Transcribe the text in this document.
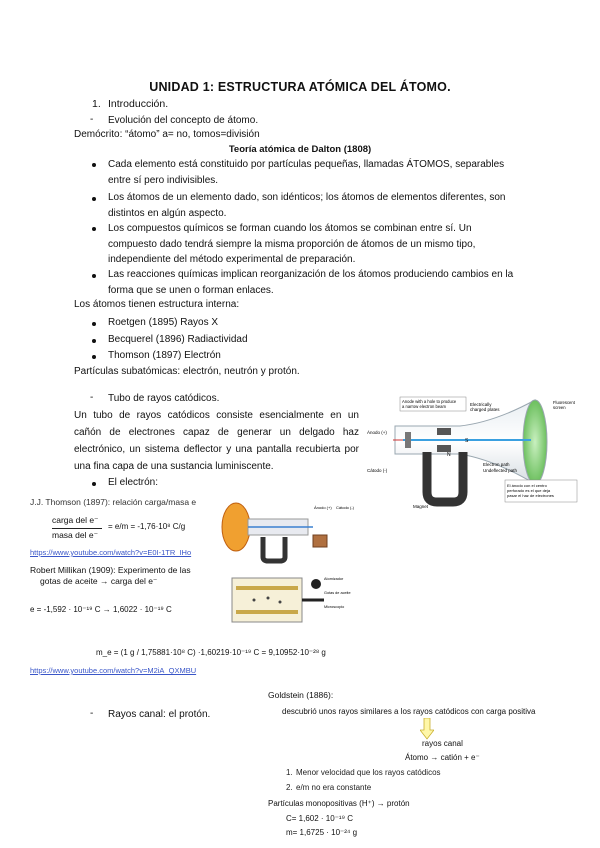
UNIDAD 1: ESTRUCTURA ATÓMICA DEL ÁTOMO.
1. Introducción.
- Evolución del concepto de átomo.
Demócrito: “átomo” a= no, tomos=división
Teoría atómica de Dalton (1808)
Cada elemento está constituido por partículas pequeñas, llamadas ÁTOMOS, separables entre sí pero indivisibles.
Los átomos de un elemento dado, son idénticos; los átomos de elementos diferentes, son distintos en algún aspecto.
Los compuestos químicos se forman cuando los átomos se combinan entre sí. Un compuesto dado tendrá siempre la misma proporción de átomos de un mismo tipo, independiente del método experimental de preparación.
Las reacciones químicas implican reorganización de los átomos produciendo cambios en la forma que se unen o forman enlaces.
Los átomos tienen estructura interna:
Roetgen (1895) Rayos X
Becquerel (1896) Radiactividad
Thomson (1897) Electrón
Partículas subatómicas: electrón, neutrón y protón.
- Tubo de rayos catódicos.
Un tubo de rayos catódicos consiste esencialmente en un cañón de electrones capaz de generar un delgado haz electrónico, un sistema deflector y una pantalla recubierta por una fina capa de una sustancia luminiscente.
El electrón:
Anode with a hole to produce
a narrow electron beam	Electrically
charged plates
Fluorescent
screen
Ánodo (+)
Cátodo (-)
Magnet
N
S
Electron path
Undeflected path
El ánodo con el centro
perforado es el que deja
pasar el haz de electrones
J.J. Thomson (1897): relación carga/masa e
carga del e⁻
masa del e⁻
= e/m = -1,76·10⁸ C/g
https://www.youtube.com/watch?v=E0I-1TR_IHo
Ánodo (+) Cátodo (-)
Robert Millikan (1909): Experimento de las
gotas de aceite → carga del e⁻	Atomizador
Gotas de aceite
Microscopio
e = -1,592 · 10⁻¹⁹ C → 1,6022 · 10⁻¹⁹ C
m_e = (1 g / 1,75881·10⁸ C) ·1,60219·10⁻¹⁹ C = 9,10952·10⁻²⁸ g
https://www.youtube.com/watch?v=M2iA_QXMBU
- Rayos canal: el protón.
Goldstein (1886):
descubrió unos rayos similares a los rayos catódicos con carga positiva
rayos canal
Átomo → catión + e⁻
1. Menor velocidad que los rayos catódicos
2. e/m no era constante
Partículas monopositivas (H⁺) → protón
C= 1,602 · 10⁻¹⁹ C
m= 1,6725 · 10⁻²⁴ g
